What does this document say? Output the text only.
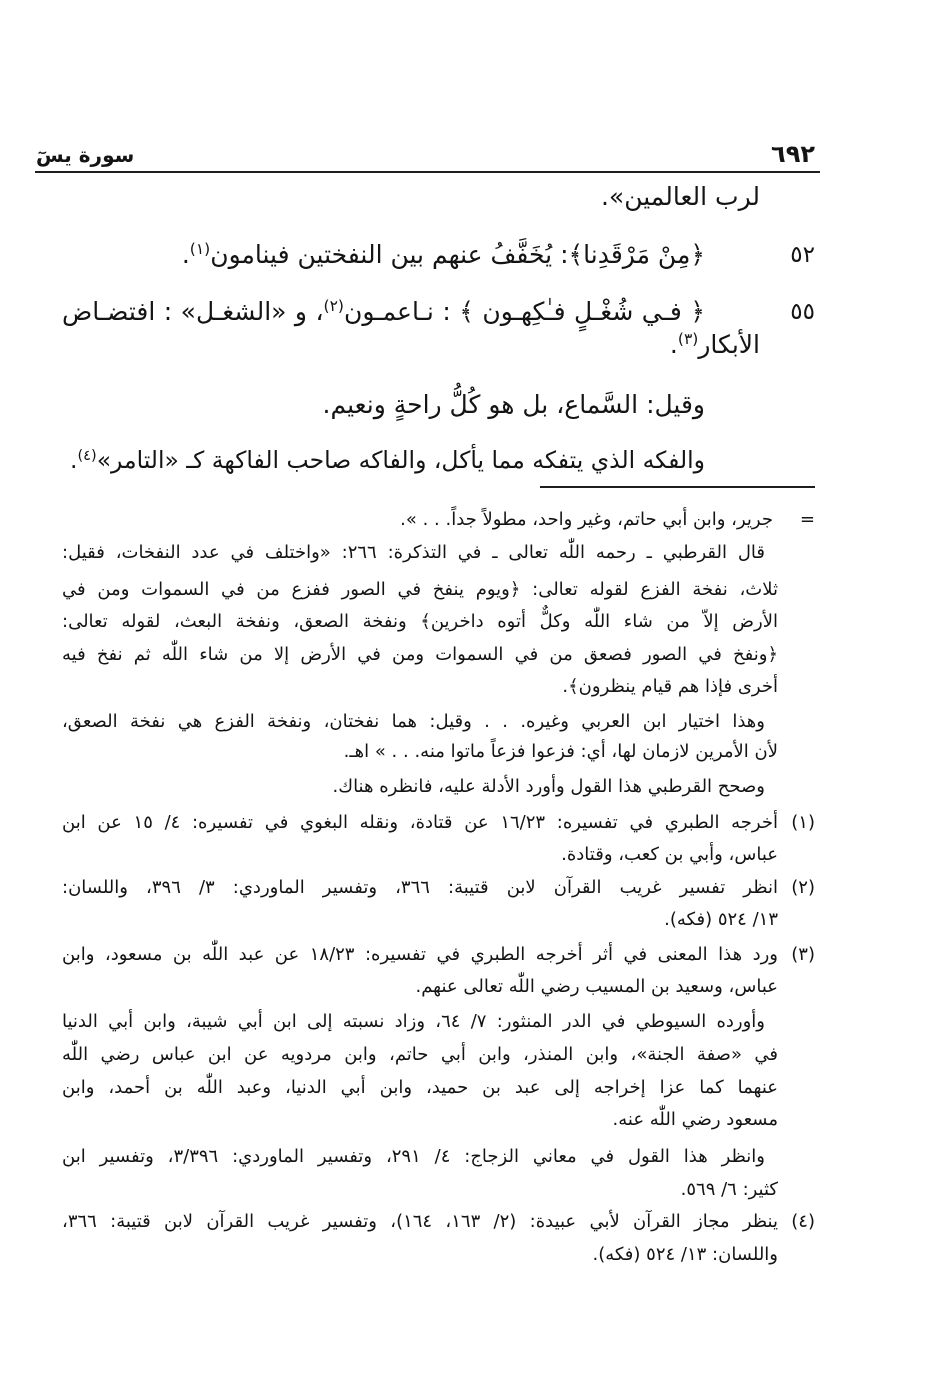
٦٩٢
سورة يسٓ
لرب العالمين».
٥٢
﴿مِنْ مَرْقَدِنا﴾: يُخَفَّفُ عنهم بين النفختين فينامون$^{(١)}$.
٥٥
﴿ فـي شُغْـلٍ فـٰكِهـون ﴾ : نـاعمـون$^{(٢)}$، و «الشغـل» : افتضـاض
الأبكار$^{(٣)}$.
وقيل: السَّماع، بل هو كُلُّ راحةٍ ونعيم.
والفكه الذي يتفكه مما يأكل، والفاكه صاحب الفاكهة كـ «التامر»$^{(٤)}$.
=
جرير، وابن أبي حاتم، وغير واحد، مطولاً جداً. . . ».
قال القرطبي ـ رحمه اللّٰه تعالى ـ في التذكرة: ٢٦٦: «واختلف في عدد النفخات، فقيل:
ثلاث، نفخة الفزع لقوله تعالى: ﴿ويوم ينفخ في الصور ففزع من في السموات ومن في
الأرض إلاّ من شاء اللّٰه وكلٌّ أتوه داخرين﴾ ونفخة الصعق، ونفخة البعث، لقوله تعالى:
﴿ونفخ في الصور فصعق من في السموات ومن في الأرض إلا من شاء اللّٰه ثم نفخ فيه
أخرى فإذا هم قيام ينظرون﴾.
وهذا اختيار ابن العربي وغيره. . . وقيل: هما نفختان، ونفخة الفزع هي نفخة الصعق،
لأن الأمرين لازمان لها، أي: فزعوا فزعاً ماتوا منه. . . » اهـ.
وصحح القرطبي هذا القول وأورد الأدلة عليه، فانظره هناك.
(١)
أخرجه الطبري في تفسيره: ١٦/٢٣ عن قتادة، ونقله البغوي في تفسيره: ٤/ ١٥ عن ابن
عباس، وأبي بن كعب، وقتادة.
(٢)
انظر تفسير غريب القرآن لابن قتيبة: ٣٦٦، وتفسير الماوردي: ٣/ ٣٩٦، واللسان:
١٣/ ٥٢٤ (فكه).
(٣)
ورد هذا المعنى في أثر أخرجه الطبري في تفسيره: ١٨/٢٣ عن عبد اللّٰه بن مسعود، وابن
عباس، وسعيد بن المسيب رضي اللّٰه تعالى عنهم.
وأورده السيوطي في الدر المنثور: ٧/ ٦٤، وزاد نسبته إلى ابن أبي شيبة، وابن أبي الدنيا
في «صفة الجنة»، وابن المنذر، وابن أبي حاتم، وابن مردويه عن ابن عباس رضي اللّٰه
عنهما كما عزا إخراجه إلى عبد بن حميد، وابن أبي الدنيا، وعبد اللّٰه بن أحمد، وابن
مسعود رضي اللّٰه عنه.
وانظر هذا القول في معاني الزجاج: ٤/ ٢٩١، وتفسير الماوردي: ٣/٣٩٦، وتفسير ابن
كثير: ٦/ ٥٦٩.
(٤)
ينظر مجاز القرآن لأبي عبيدة: (٢/ ١٦٣، ١٦٤)، وتفسير غريب القرآن لابن قتيبة: ٣٦٦،
واللسان: ١٣/ ٥٢٤ (فكه).
